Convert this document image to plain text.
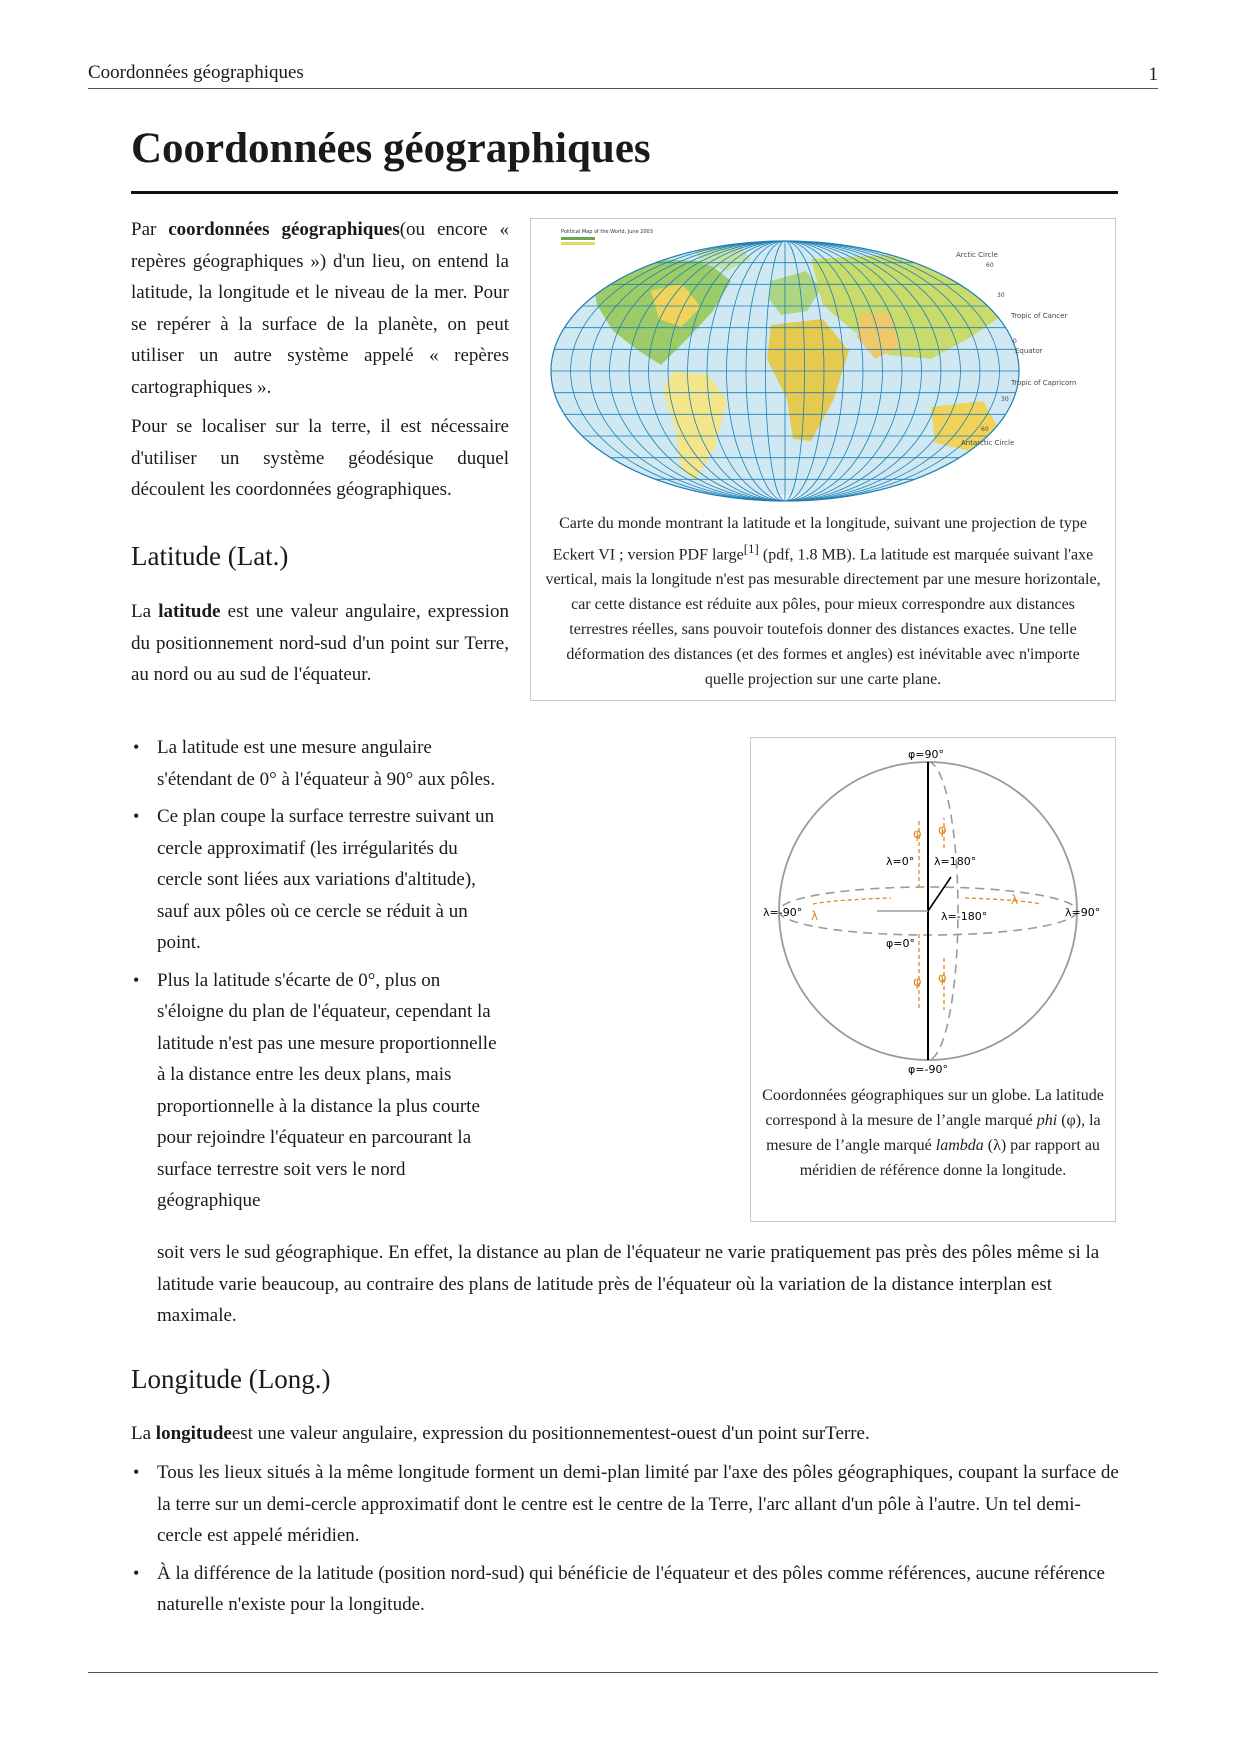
Coordonnées géographiques	1
Coordonnées géographiques

Par coordonnées géographiques(ou encore « repères géographiques ») d'un lieu, on entend la latitude, la longitude et le niveau de la mer. Pour se repérer à la surface de la planète, on peut utiliser un autre système appelé « repères cartographiques ».

Pour se localiser sur la terre, il est nécessaire d'utiliser un système géodésique duquel découlent les coordonnées géographiques.

Latitude (Lat.)

La latitude est une valeur angulaire, expression du positionnement nord-sud d'un point sur Terre, au nord ou au sud de l'équateur.

• La latitude est une mesure angulaire s'étendant de 0° à l'équateur à 90° aux pôles.
• Ce plan coupe la surface terrestre suivant un cercle approximatif (les irrégularités du cercle sont liées aux variations d'altitude), sauf aux pôles où ce cercle se réduit à un point.
• Plus la latitude s'écarte de 0°, plus on s'éloigne du plan de l'équateur, cependant la latitude n'est pas une mesure proportionnelle à la distance entre les deux plans, mais proportionnelle à la distance la plus courte pour rejoindre l'équateur en parcourant la surface terrestre soit vers le nord géographique

soit vers le sud géographique. En effet, la distance au plan de l'équateur ne varie pratiquement pas près des pôles même si la latitude varie beaucoup, au contraire des plans de latitude près de l'équateur où la variation de la distance interplan est maximale.

Longitude (Long.)

La longitudeest une valeur angulaire, expression du positionnementest-ouest d'un point surTerre.

• Tous les lieux situés à la même longitude forment un demi-plan limité par l'axe des pôles géographiques, coupant la surface de la terre sur un demi-cercle approximatif dont le centre est le centre de la Terre, l'arc allant d'un pôle à l'autre. Un tel demi-cercle est appelé méridien.
• À la différence de la latitude (position nord-sud) qui bénéficie de l'équateur et des pôles comme références, aucune référence naturelle n'existe pour la longitude.
Political Map of the World, June 2003
Arctic Circle
60
30
Tropic of Cancer
0
Equator
Tropic of Capricorn
30
60
Antarctic Circle
Carte du monde montrant la latitude et la longitude, suivant une projection de type Eckert VI ; version PDF large[1] (pdf, 1.8 MB). La latitude est marquée suivant l'axe vertical, mais la longitude n'est pas mesurable directement par une mesure horizontale, car cette distance est réduite aux pôles, pour mieux correspondre aux distances terrestres réelles, sans pouvoir toutefois donner des distances exactes. Une telle déformation des distances (et des formes et angles) est inévitable avec n'importe quelle projection sur une carte plane.
φ φ
φ φ
λ
λ
φ=90°
φ=-90°
λ=0° λ=180°
λ=-180°
λ=-90°	λ=90°
φ=0°
Coordonnées géographiques sur un globe. La latitude correspond à la mesure de l’angle marqué phi (φ), la mesure de l’angle marqué lambda (λ) par rapport au méridien de référence donne la longitude.
